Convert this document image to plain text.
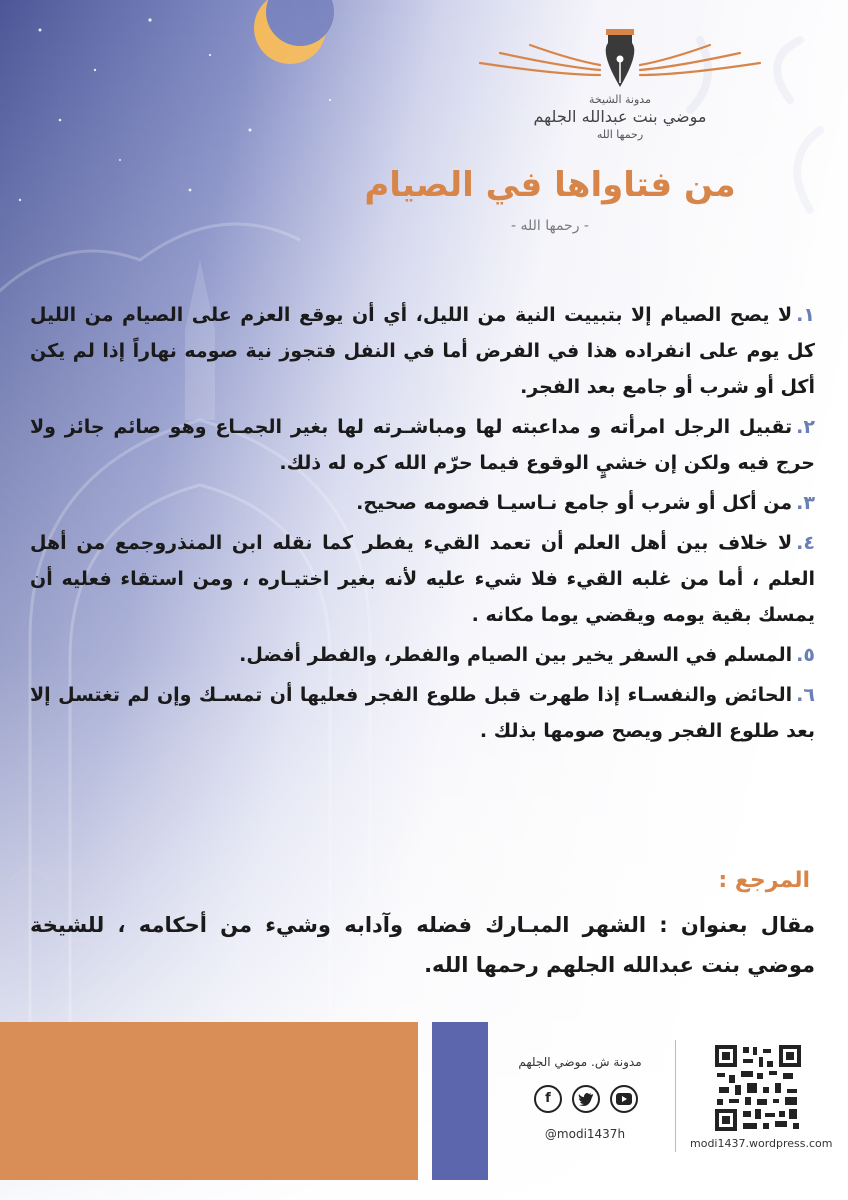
مدونة الشيخة
موضي بنت عبدالله الجلهم
رحمها الله
من فتاواها في الصيام
- رحمها الله -

١.لا يصح الصيام إلا بتبييت النية من الليل، أي أن يوقع العزم على الصيام من الليل كل يوم على انفراده هذا في الفرض أما في النفل فتجوز نية صومه نهاراً إذا لم يكن أكل أو شرب أو جامع بعد الفجر.

٢.تقبيل الرجل امرأته و مداعبته لها ومباشـرته لها بغير الجمـاع وهو صائم جائز ولا حرج فيه ولكن إن خشيٍ الوقوع فيما حرّم الله كره له ذلك.

٣.من أكل أو شرب أو جامع نـاسيـا فصومه صحيح.

٤.لا خلاف بين أهل العلم أن تعمد القيء يفطر كما نقله ابن المنذروجمع من أهل العلم ، أما من غلبه القيء فلا شيء عليه لأنه بغير اختيـاره ، ومن استقاء فعليه أن يمسك بقية يومه ويقضي يوما مكانه .

٥.المسلم في السفر يخير بين الصيام والفطر، والفطر أفضل.

٦.الحائض والنفسـاء إذا طهرت قبل طلوع الفجر فعليها أن تمسـك وإن لم تغتسل إلا بعد طلوع الفجر ويصح صومها بذلك .

المرجع :
مقال بعنوان : الشهر المبـارك فضله وآدابه وشيء من أحكامه ، للشيخة موضي بنت عبدالله الجلهم رحمها الله.
مدونة ش. موضي الجلهم
f
@modi1437h
modi1437.wordpress.com
